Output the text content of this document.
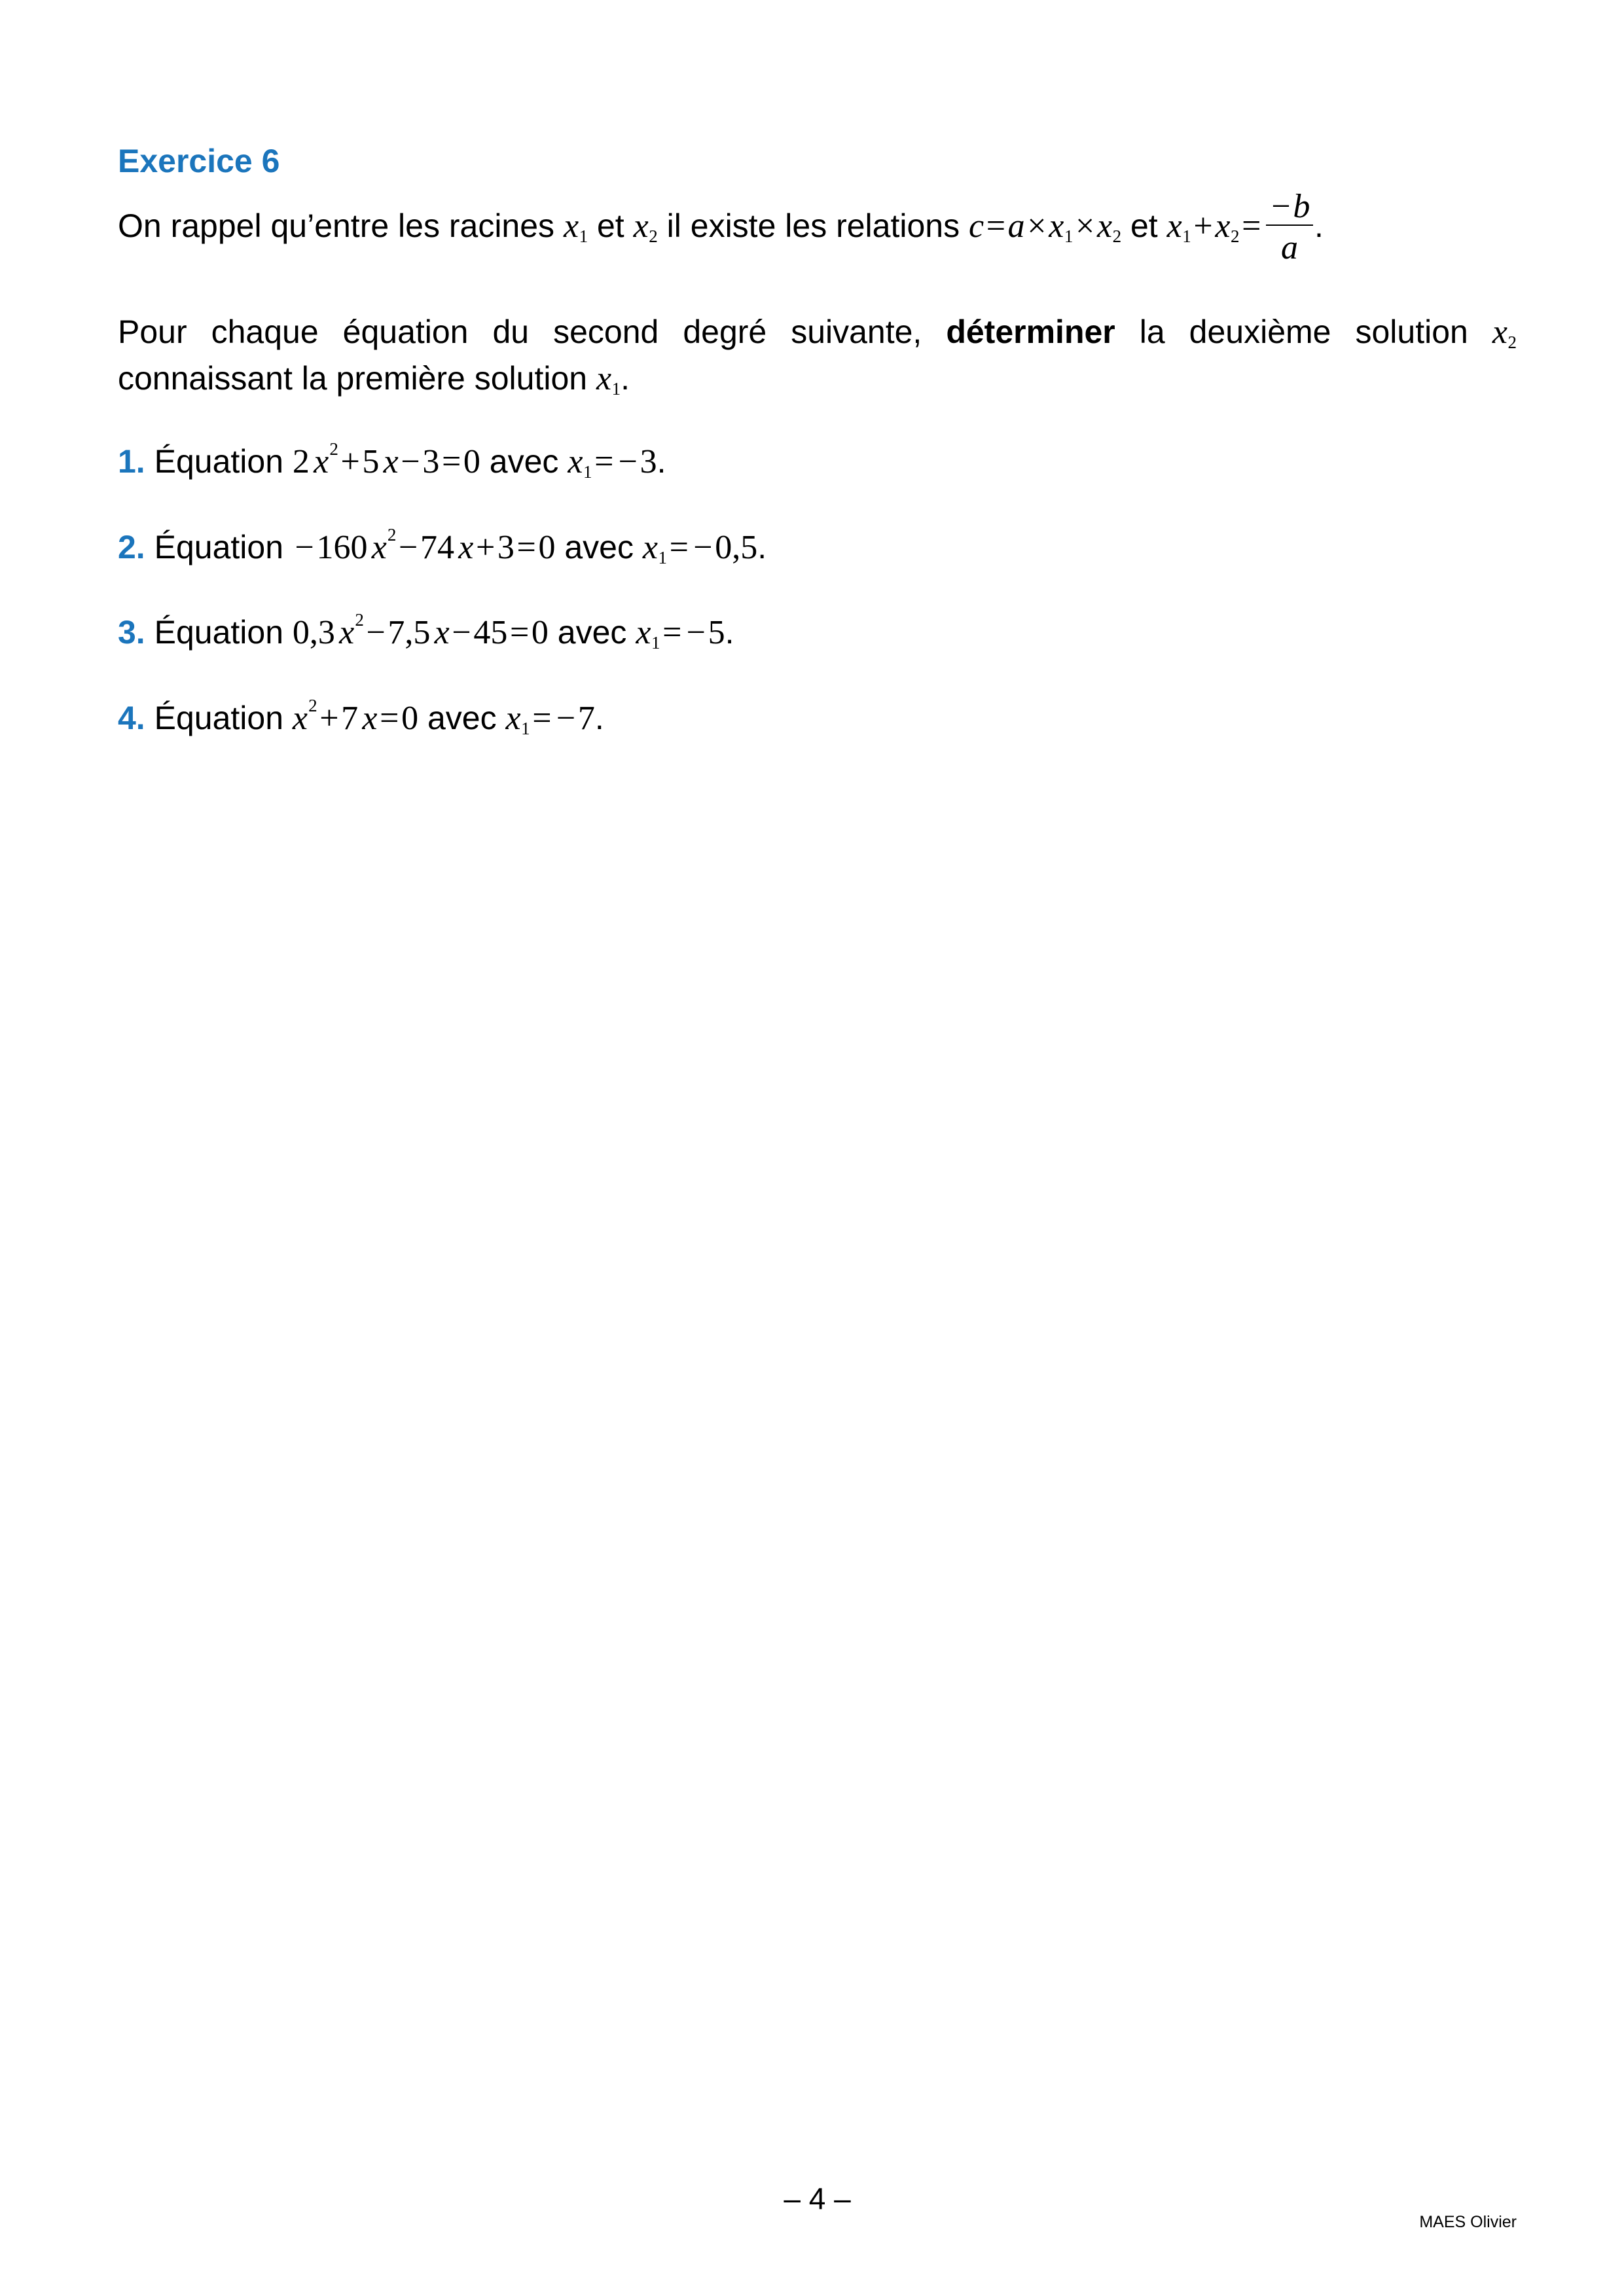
Exercice 6
On rappel qu’entre les racines x1 et x2 il existe les relations c=a×x1×x2 et $x1+x2= \frac{-b}{a}$ .
Pour chaque équation du second degré suivante, déterminer la deuxième solution x2
connaissant la première solution x1.
1. Équation 2 $x^2+5$ x−3=0 avec x1= −3.
2. Équation −160 $x^2-74$ x+3=0 avec x1= −0,5.
3. Équation 0,3 $x^2-7,5$ x−45=0 avec x1= −5.
4. Équation $x^2+7$ x=0 avec x1= −7.
– 4 –
MAES Olivier
